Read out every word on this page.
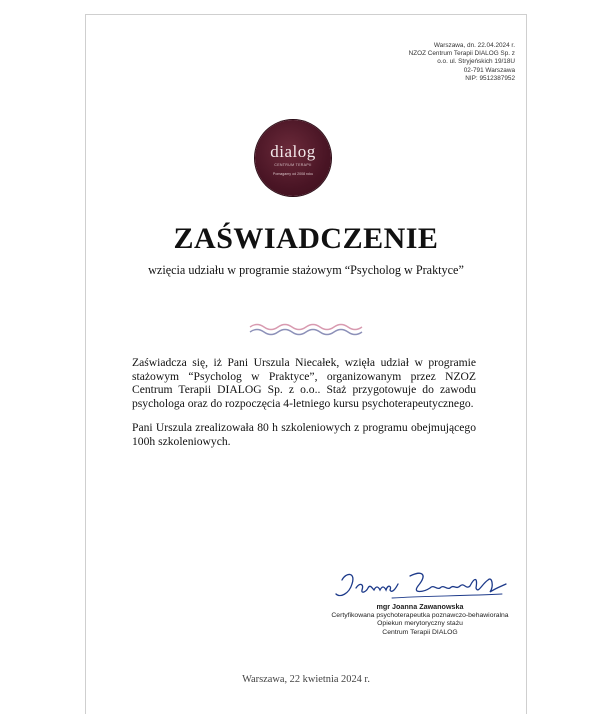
Warszawa, dn. 22.04.2024 r.
NZOZ Centrum Terapii DIALOG Sp. z
o.o. ul. Stryjeńskich 19/18U
02-791 Warszawa
NIP: 9512387952
dialog
CENTRUM TERAPII
Pomagamy od 2008 roku
ZAŚWIADCZENIE
wzięcia udziału w programie stażowym “Psycholog w Praktyce”

Zaświadcza się, iż Pani Urszula Niecałek, wzięła udział w programie stażowym “Psycholog w Praktyce”, organizowanym przez NZOZ Centrum Terapii DIALOG Sp. z o.o.. Staż przygotowuje do zawodu psychologa oraz do rozpoczęcia 4-letniego kursu psychoterapeutycznego.

Pani Urszula zrealizowała 80 h szkoleniowych z programu obejmującego 100h szkoleniowych.

mgr Joanna Zawanowska
Certyfikowana psychoterapeutka poznawczo-behawioralna
Opiekun merytoryczny stażu
Centrum Terapii DIALOG
Warszawa, 22 kwietnia 2024 r.
